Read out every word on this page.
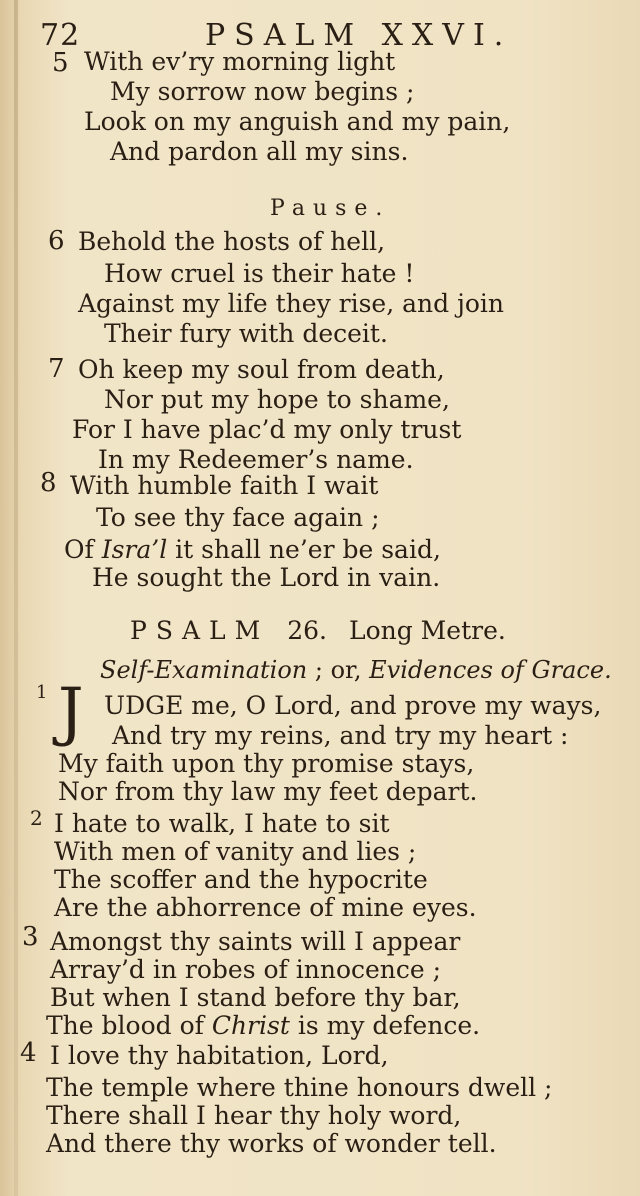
72	PSALM XXVI.
5 With ev’ry morning light
My sorrow now begins ;
Look on my anguish and my pain,
And pardon all my sins.
Pause.
6 Behold the hosts of hell,
How cruel is their hate !
Against my life they rise, and join
Their fury with deceit.
7 Oh keep my soul from death,
Nor put my hope to shame,
For I have plac’d my only trust
In my Redeemer’s name.
8 With humble faith I wait
To see thy face again ;
Of Isra’l it shall ne’er be said,
He sought the Lord in vain.
PSALM 26. Long Metre.
Self-Examination ; or, Evidences of Grace.
1 J UDGE me, O Lord, and prove my ways,
And try my reins, and try my heart :
My faith upon thy promise stays,
Nor from thy law my feet depart.
2 I hate to walk, I hate to sit
With men of vanity and lies ;
The scoffer and the hypocrite
Are the abhorrence of mine eyes.
3 Amongst thy saints will I appear
Array’d in robes of innocence ;
But when I stand before thy bar,
The blood of Christ is my defence.
4 I love thy habitation, Lord,
The temple where thine honours dwell ;
There shall I hear thy holy word,
And there thy works of wonder tell.
